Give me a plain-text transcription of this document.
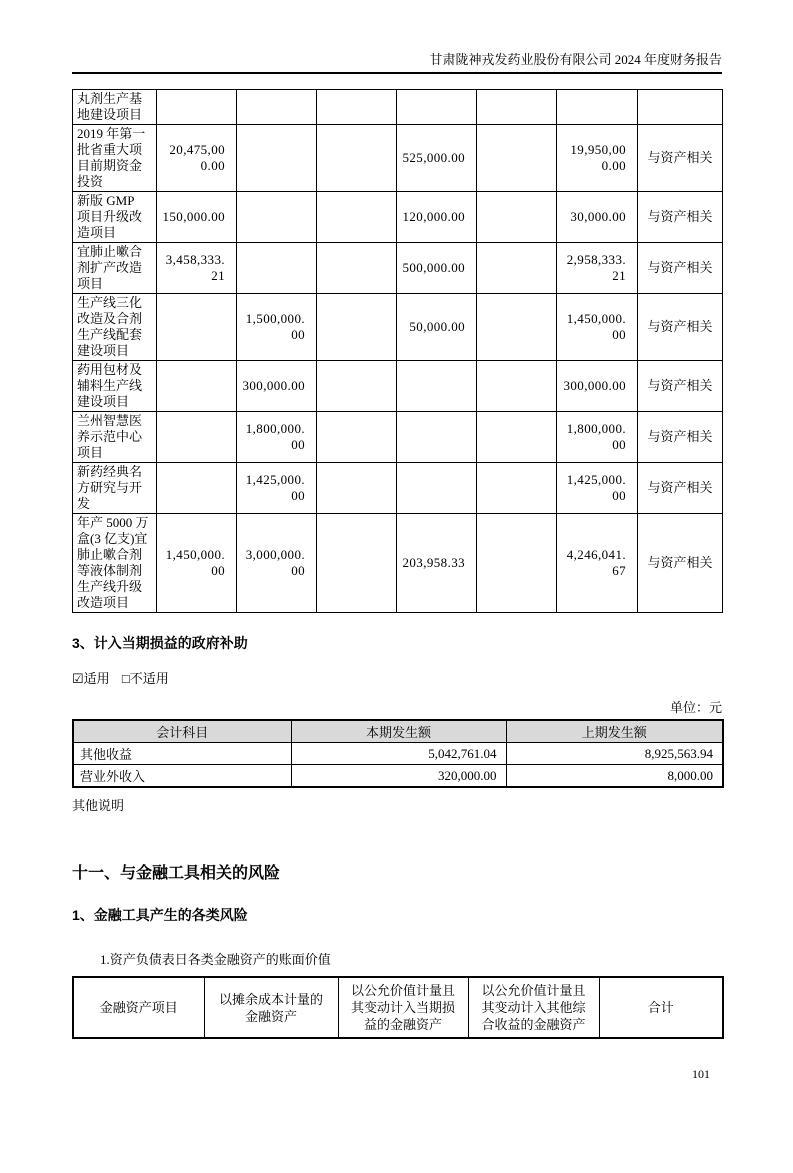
甘肃陇神戎发药业股份有限公司 2024 年度财务报告
丸剂生产基地建设项目							
2019 年第一批省重大项目前期资金投资	20,475,000.00			525,000.00		19,950,000.00	与资产相关
新版 GMP 项目升级改造项目	150,000.00			120,000.00		30,000.00	与资产相关
宜肺止嗽合剂扩产改造项目	3,458,333.21			500,000.00		2,958,333.21	与资产相关
生产线三化改造及合剂生产线配套建设项目		1,500,000.00		50,000.00		1,450,000.00	与资产相关
药用包材及辅料生产线建设项目		300,000.00				300,000.00	与资产相关
兰州智慧医养示范中心项目		1,800,000.00				1,800,000.00	与资产相关
新药经典名方研究与开发		1,425,000.00				1,425,000.00	与资产相关
年产 5000 万盒(3 亿支)宜肺止嗽合剂等液体制剂生产线升级改造项目	1,450,000.00	3,000,000.00		203,958.33		4,246,041.67	与资产相关
3、计入当期损益的政府补助
☑适用 □不适用
单位：元
会计科目	本期发生额	上期发生额
其他收益	5,042,761.04	8,925,563.94
营业外收入	320,000.00	8,000.00
其他说明
十一、与金融工具相关的风险
1、金融工具产生的各类风险
1.资产负债表日各类金融资产的账面价值
金融资产项目	以摊余成本计量的金融资产	以公允价值计量且其变动计入当期损益的金融资产	以公允价值计量且其变动计入其他综合收益的金融资产	合计
101
